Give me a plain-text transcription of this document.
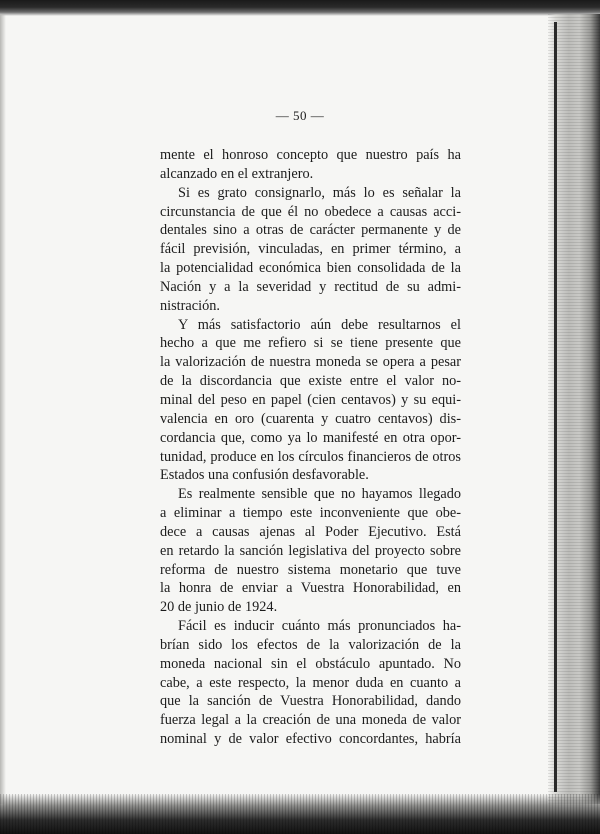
— 50 —
mente el honroso concepto que nuestro país ha
alcanzado en el extranjero.
Si es grato consignarlo, más lo es señalar la
circunstancia de que él no obedece a causas acci-
dentales sino a otras de carácter permanente y de
fácil previsión, vinculadas, en primer término, a
la potencialidad económica bien consolidada de la
Nación y a la severidad y rectitud de su admi-
nistración.
Y más satisfactorio aún debe resultarnos el
hecho a que me refiero si se tiene presente que
la valorización de nuestra moneda se opera a pesar
de la discordancia que existe entre el valor no-
minal del peso en papel (cien centavos) y su equi-
valencia en oro (cuarenta y cuatro centavos) dis-
cordancia que, como ya lo manifesté en otra opor-
tunidad, produce en los círculos financieros de otros
Estados una confusión desfavorable.
Es realmente sensible que no hayamos llegado
a eliminar a tiempo este inconveniente que obe-
dece a causas ajenas al Poder Ejecutivo. Está
en retardo la sanción legislativa del proyecto sobre
reforma de nuestro sistema monetario que tuve
la honra de enviar a Vuestra Honorabilidad, en
20 de junio de 1924.
Fácil es inducir cuánto más pronunciados ha-
brían sido los efectos de la valorización de la
moneda nacional sin el obstáculo apuntado. No
cabe, a este respecto, la menor duda en cuanto a
que la sanción de Vuestra Honorabilidad, dando
fuerza legal a la creación de una moneda de valor
nominal y de valor efectivo concordantes, habría
